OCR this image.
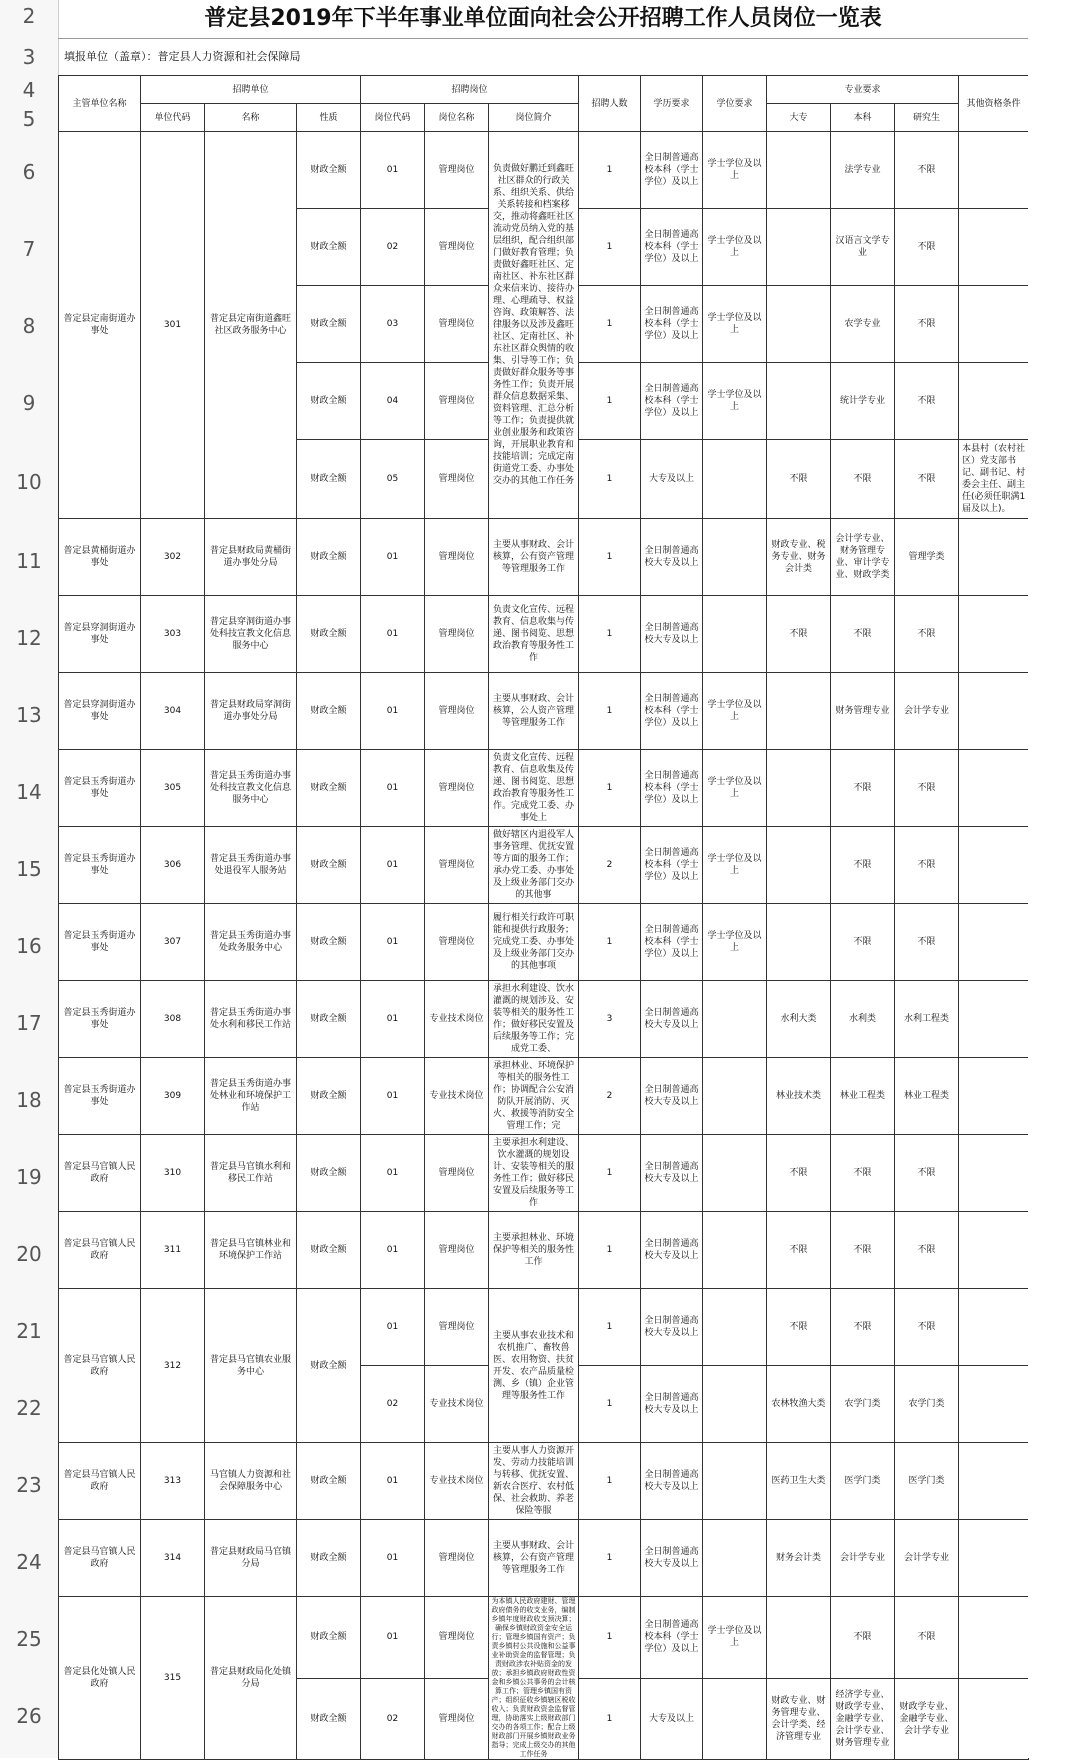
2
3
4
5
6
7
8
9
10
11
12
13
14
15
16
17
18
19
20
21
22
23
24
25
26
普定县2019年下半年事业单位面向社会公开招聘工作人员岗位一览表
填报单位（盖章）：普定县人力资源和社会保障局
主管单位名称	招聘单位			招聘岗位			招聘人数	学历要求	学位要求	专业要求			其他资格条件
	单位代码	名称	性质	岗位代码	岗位名称	岗位简介				大专	本科	研究生	
普定县定南街道办事处	301	普定县定南街道鑫旺社区政务服务中心	财政全额	01	管理岗位	负责做好鹏迁到鑫旺社区群众的行政关系、组织关系、供给关系转接和档案移交，推动将鑫旺社区流动党员纳入党的基层组织，配合组织部门做好教育管理；负责做好鑫旺社区、定南社区、补东社区群众来信来访、接待办理、心理疏导、权益咨询、政策解答、法律服务以及涉及鑫旺社区、定南社区、补东社区群众舆情的收集、引导等工作；负责做好群众服务等事务性工作；负责开展群众信息数据采集、资料管理、汇总分析等工作；负责提供就业创业服务和政策咨询，开展职业教育和技能培训；完成定南街道党工委、办事处交办的其他工作任务	1	全日制普通高校本科（学士学位）及以上	学士学位及以上		法学专业	不限	
			财政全额	02	管理岗位		1	全日制普通高校本科（学士学位）及以上	学士学位及以上		汉语言文学专业	不限	
			财政全额	03	管理岗位		1	全日制普通高校本科（学士学位）及以上	学士学位及以上		农学专业	不限	
			财政全额	04	管理岗位		1	全日制普通高校本科（学士学位）及以上	学士学位及以上		统计学专业	不限	
			财政全额	05	管理岗位		1	大专及以上		不限	不限	不限	本县村（农村社区）党支部书记、副书记、村委会主任、副主任(必须任职满1届及以上)。
普定县黄桶街道办事处	302	普定县财政局黄桶街道办事处分局	财政全额	01	管理岗位	主要从事财政、会计核算，公有资产管理等管理服务工作	1	全日制普通高校大专及以上		财政专业、税务专业、财务会计类	会计学专业、财务管理专业、审计学专业、财政学类	管理学类	
普定县穿洞街道办事处	303	普定县穿洞街道办事处科技宣教文化信息服务中心	财政全额	01	管理岗位	负责文化宣传、远程教育、信息收集与传递、图书阅览、思想政治教育等服务性工作	1	全日制普通高校大专及以上		不限	不限	不限	
普定县穿洞街道办事处	304	普定县财政局穿洞街道办事处分局	财政全额	01	管理岗位	主要从事财政、会计核算，公人资产管理等管理服务工作	1	全日制普通高校本科（学士学位）及以上	学士学位及以上		财务管理专业	会计学专业	
普定县玉秀街道办事处	305	普定县玉秀街道办事处科技宣教文化信息服务中心	财政全额	01	管理岗位	负责文化宣传、远程教育、信息收集及传递、图书阅览、思想政治教育等服务性工作。完成党工委、办事处上	1	全日制普通高校本科（学士学位）及以上	学士学位及以上		不限	不限	
普定县玉秀街道办事处	306	普定县玉秀街道办事处退役军人服务站	财政全额	01	管理岗位	做好辖区内退役军人事务管理、优抚安置等方面的服务工作；承办党工委、办事处及上级业务部门交办的其他事	2	全日制普通高校本科（学士学位）及以上	学士学位及以上		不限	不限	
普定县玉秀街道办事处	307	普定县玉秀街道办事处政务服务中心	财政全额	01	管理岗位	履行相关行政许可职能和提供行政服务；完成党工委、办事处及上级业务部门交办的其他事项	1	全日制普通高校本科（学士学位）及以上	学士学位及以上		不限	不限	
普定县玉秀街道办事处	308	普定县玉秀街道办事处水利和移民工作站	财政全额	01	专业技术岗位	承担水利建设、饮水灌溉的规划涉及、安装等相关的服务性工作；做好移民安置及后续服务等工作；完成党工委、	3	全日制普通高校大专及以上		水利大类	水利类	水利工程类	
普定县玉秀街道办事处	309	普定县玉秀街道办事处林业和环境保护工作站	财政全额	01	专业技术岗位	承担林业、环境保护等相关的服务性工作；协调配合公安消防队开展消防、灭火、救援等消防安全管理工作；完	2	全日制普通高校大专及以上		林业技术类	林业工程类	林业工程类	
普定县马官镇人民政府	310	普定县马官镇水利和移民工作站	财政全额	01	管理岗位	主要承担水利建设、饮水灌溉的规划设计、安装等相关的服务性工作；做好移民安置及后续服务等工作	1	全日制普通高校大专及以上		不限	不限	不限	
普定县马官镇人民政府	311	普定县马官镇林业和环境保护工作站	财政全额	01	管理岗位	主要承担林业、环境保护等相关的服务性工作	1	全日制普通高校大专及以上		不限	不限	不限	
普定县马官镇人民政府	312	普定县马官镇农业服务中心	财政全额	01	管理岗位	主要从事农业技术和农机推广、畜牧兽医、农用物资、扶贫开发、农产品质量检测、乡（镇）企业管理等服务性工作	1	全日制普通高校大专及以上		不限	不限	不限	
				02	专业技术岗位		1	全日制普通高校大专及以上		农林牧渔大类	农学门类	农学门类	
普定县马官镇人民政府	313	马官镇人力资源和社会保障服务中心	财政全额	01	专业技术岗位	主要从事人力资源开发、劳动力技能培训与转移、优抚安置、新农合医疗、农村低保、社会救助、养老保险等服	1	全日制普通高校大专及以上		医药卫生大类	医学门类	医学门类	
普定县马官镇人民政府	314	普定县财政局马官镇分局	财政全额	01	管理岗位	主要从事财政、会计核算，公有资产管理等管理服务工作	1	全日制普通高校大专及以上		财务会计类	会计学专业	会计学专业	
普定县化处镇人民政府	315	普定县财政局化处镇分局	财政全额	01	管理岗位	为本镇人民政府建财、管理政府债务的收支业务，编制乡镇年度财政收支预决算；确保乡镇财政资金安全运行；管理乡镇国有资产；负责乡镇村公共设施和公益事业补助资金的监督管理；负责财政涉农补贴资金的发放；承担乡镇政府财政性资金和乡镇公共事务的会计核算工作；管理乡镇国有资产；组织征收乡镇辖区税收收入；负责财政资金监督管理，协助落实上级财政部门交办的各项工作；配合上级财政部门开展乡镇财政业务指导；完成上级交办的其他工作任务	1	全日制普通高校本科（学士学位）及以上	学士学位及以上		不限	不限	
			财政全额	02	管理岗位		1	大专及以上		财政专业、财务管理专业、会计学类、经济管理专业	经济学专业、财政学专业、金融学专业、会计学专业、财务管理专业	财政学专业、金融学专业、会计学专业	
